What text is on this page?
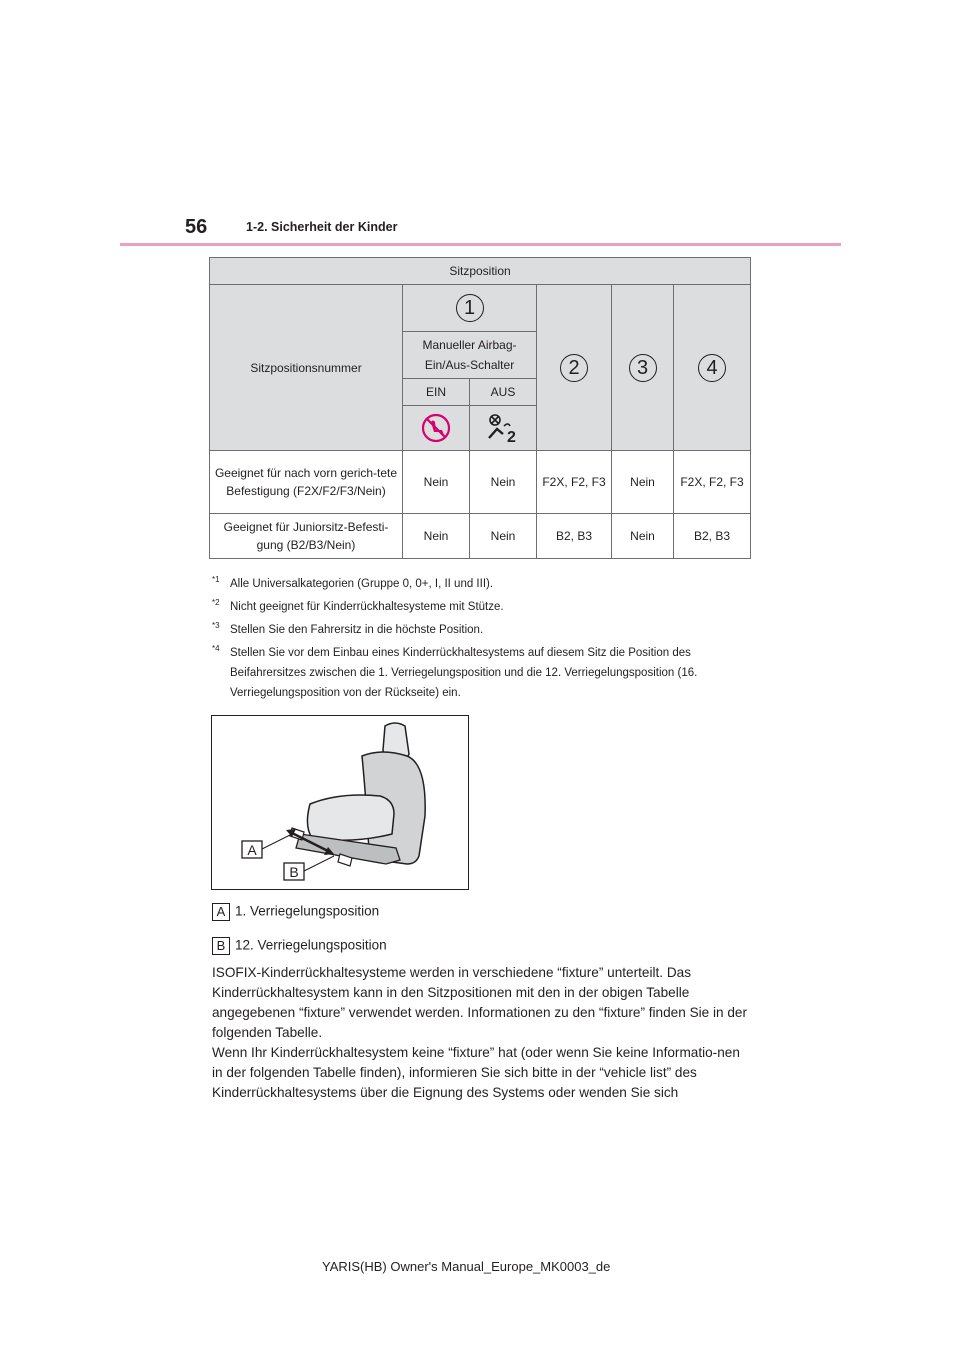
56	1-2. Sicherheit der Kinder
Sitzposition					
Sitzpositionsnummer	1		2	3	4
	Manueller Airbag-Ein/Aus-Schalter				
	EIN	AUS			

2			

Geeignet für nach vorn gerich-tete Befestigung (F2X/F2/F3/Nein)	Nein	Nein	F2X, F2, F3	Nein	F2X, F2, F3
Geeignet für Juniorsitz-Befesti-gung (B2/B3/Nein)	Nein	Nein	B2, B3	Nein	B2, B3
*1 Alle Universalkategorien (Gruppe 0, 0+, I, II und III).
*2 Nicht geeignet für Kinderrückhaltesysteme mit Stütze.
*3 Stellen Sie den Fahrersitz in die höchste Position.
*4 Stellen Sie vor dem Einbau eines Kinderrückhaltesystems auf diesem Sitz die Position des Beifahrersitzes zwischen die 1. Verriegelungsposition und die 12. Verriegelungsposition (16. Verriegelungsposition von der Rückseite) ein.
A
B
A 1. Verriegelungsposition
B 12. Verriegelungsposition
ISOFIX-Kinderrückhaltesysteme werden in verschiedene “fixture” unterteilt. Das Kinderrückhaltesystem kann in den Sitzpositionen mit den in der obigen Tabelle angegebenen “fixture” verwendet werden. Informationen zu den “fixture” finden Sie in der folgenden Tabelle.
Wenn Ihr Kinderrückhaltesystem keine “fixture” hat (oder wenn Sie keine Informatio-nen in der folgenden Tabelle finden), informieren Sie sich bitte in der “vehicle list” des Kinderrückhaltesystems über die Eignung des Systems oder wenden Sie sich
YARIS(HB) Owner's Manual_Europe_MK0003_de
